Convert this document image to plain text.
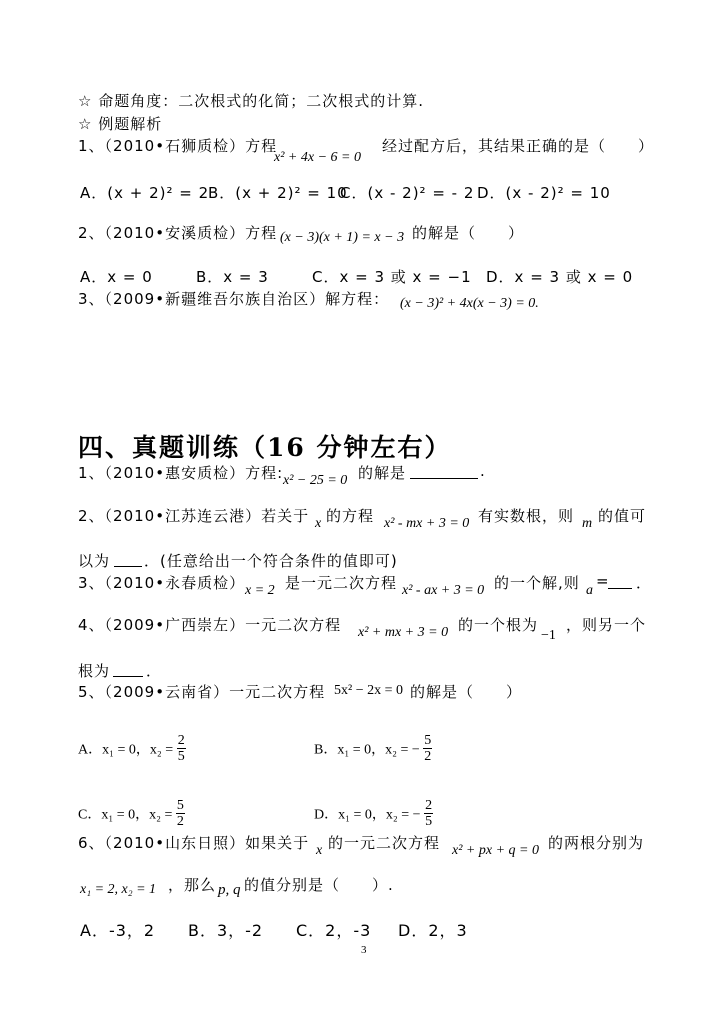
☆ 命题角度：二次根式的化简；二次根式的计算.
☆ 例题解析
1、（2010•石狮质检）方程
x² + 4x − 6 = 0
经过配方后，其结果正确的是（　　）
A．(x + 2)² = 2
B．(x + 2)² = 10
C．(x - 2)² = - 2 D．(x - 2)² = 10
2、（2010•安溪质检）方程 (x − 3)(x + 1) = x − 3 的解是（　　）
A．x = 0	B．x = 3	C．x = 3 或 x = −1 D．x = 3 或 x = 0
3、（2009•新疆维吾尔族自治区）解方程： (x − 3)² + 4x(x − 3) = 0.
四、真题训练（16 分钟左右）
1、（2010•惠安质检）方程: x² − 25 = 0 的解是	.
2、（2010•江苏连云港）若关于 x 的方程 x² - mx + 3 = 0 有实数根，则 m 的值可
以为 ．(任意给出一个符合条件的值即可)
3、（2010•永春质检） x = 2 是一元二次方程 x² - ax + 3 = 0 的一个解,则 a
= ．
4、（2009•广西崇左）一元二次方程 x² + mx + 3 = 0 的一个根为
−1
，则另一个
根为 ．
5、（2009•云南省）一元二次方程 5x² − 2x = 0 的解是（　　）
A．x₁ = 0，$x_2 = \frac{2}{5}$	B．x₁ = 0，x₂ = − $\frac{5}{2}$
C．x₁ = 0，$x_2 = \frac{5}{2}$	D．x₁ = 0，x₂ = − $\frac{2}{5}$
6、（2010•山东日照）如果关于 x 的一元二次方程 x² + px + q = 0 的两根分别为
x₁ = 2, x₂ = 1 ，那么 p, q 的值分别是（　　）.
A．-3，2 B．3，-2 C．2，-3 D．2，3
3
